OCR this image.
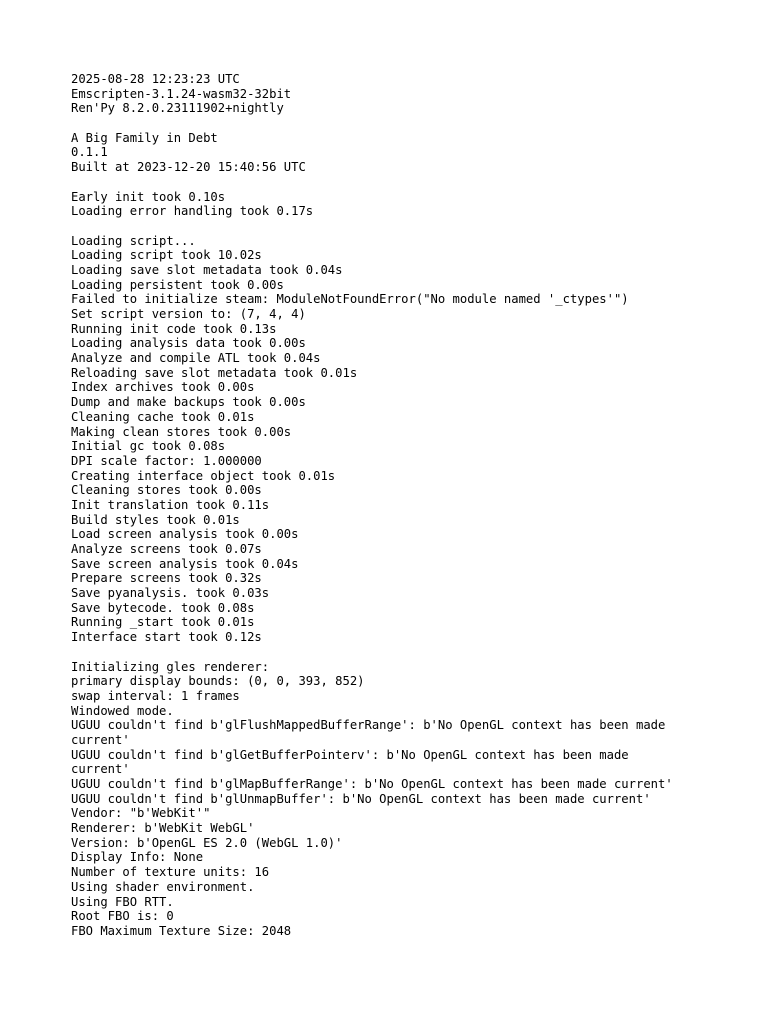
2025-08-28 12:23:23 UTC
Emscripten-3.1.24-wasm32-32bit
Ren'Py 8.2.0.23111902+nightly
A Big Family in Debt
0.1.1
Built at 2023-12-20 15:40:56 UTC
Early init took 0.10s
Loading error handling took 0.17s
Loading script...
Loading script took 10.02s
Loading save slot metadata took 0.04s
Loading persistent took 0.00s
Failed to initialize steam: ModuleNotFoundError("No module named '_ctypes'")
Set script version to: (7, 4, 4)
Running init code took 0.13s
Loading analysis data took 0.00s
Analyze and compile ATL took 0.04s
Reloading save slot metadata took 0.01s
Index archives took 0.00s
Dump and make backups took 0.00s
Cleaning cache took 0.01s
Making clean stores took 0.00s
Initial gc took 0.08s
DPI scale factor: 1.000000
Creating interface object took 0.01s
Cleaning stores took 0.00s
Init translation took 0.11s
Build styles took 0.01s
Load screen analysis took 0.00s
Analyze screens took 0.07s
Save screen analysis took 0.04s
Prepare screens took 0.32s
Save pyanalysis. took 0.03s
Save bytecode. took 0.08s
Running _start took 0.01s
Interface start took 0.12s
Initializing gles renderer:
primary display bounds: (0, 0, 393, 852)
swap interval: 1 frames
Windowed mode.
UGUU couldn't find b'glFlushMappedBufferRange': b'No OpenGL context has been made
current'
UGUU couldn't find b'glGetBufferPointerv': b'No OpenGL context has been made
current'
UGUU couldn't find b'glMapBufferRange': b'No OpenGL context has been made current'
UGUU couldn't find b'glUnmapBuffer': b'No OpenGL context has been made current'
Vendor: "b'WebKit'"
Renderer: b'WebKit WebGL'
Version: b'OpenGL ES 2.0 (WebGL 1.0)'
Display Info: None
Number of texture units: 16
Using shader environment.
Using FBO RTT.
Root FBO is: 0
FBO Maximum Texture Size: 2048
